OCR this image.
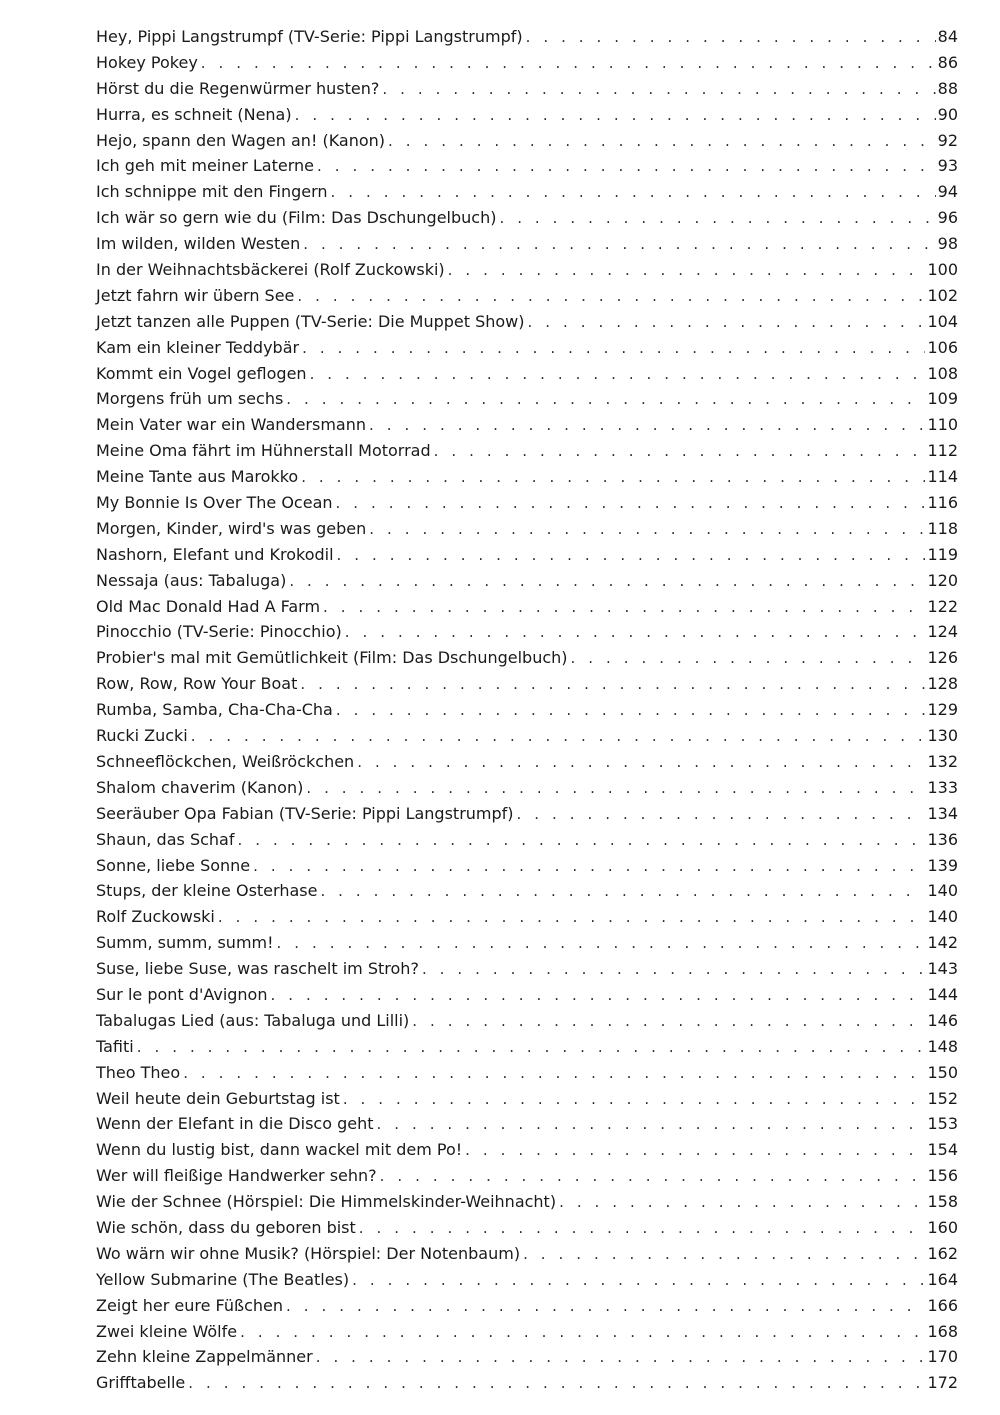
Hey, Pippi Langstrumpf (TV-Serie: Pippi Langstrumpf) . . .	84
Hokey Pokey . . .	86
Hörst du die Regenwürmer husten? . . .	88
Hurra, es schneit (Nena) . . .	90
Hejo, spann den Wagen an! (Kanon) . . .	92
Ich geh mit meiner Laterne . . .	93
Ich schnippe mit den Fingern . . .	94
Ich wär so gern wie du (Film: Das Dschungelbuch) . . .	96
Im wilden, wilden Westen . . .	98
In der Weihnachtsbäckerei (Rolf Zuckowski) . . .	100
Jetzt fahrn wir übern See . . .	102
Jetzt tanzen alle Puppen (TV-Serie: Die Muppet Show) . . .	104
Kam ein kleiner Teddybär . . .	106
Kommt ein Vogel geflogen . . .	108
Morgens früh um sechs . . .	109
Mein Vater war ein Wandersmann . . .	110
Meine Oma fährt im Hühnerstall Motorrad . . .	112
Meine Tante aus Marokko . . .	114
My Bonnie Is Over The Ocean . . .	116
Morgen, Kinder, wird's was geben . . .	118
Nashorn, Elefant und Krokodil . . .	119
Nessaja (aus: Tabaluga) . . .	120
Old Mac Donald Had A Farm . . .	122
Pinocchio (TV-Serie: Pinocchio) . . .	124
Probier's mal mit Gemütlichkeit (Film: Das Dschungelbuch) . . .	126
Row, Row, Row Your Boat . . .	128
Rumba, Samba, Cha-Cha-Cha . . .	129
Rucki Zucki . . .	130
Schneeflöckchen, Weißröckchen . . .	132
Shalom chaverim (Kanon) . . .	133
Seeräuber Opa Fabian (TV-Serie: Pippi Langstrumpf) . . .	134
Shaun, das Schaf . . .	136
Sonne, liebe Sonne . . .	139
Stups, der kleine Osterhase . . .	140
Rolf Zuckowski . . .	140
Summ, summ, summ! . . .	142
Suse, liebe Suse, was raschelt im Stroh? . . .	143
Sur le pont d'Avignon . . .	144
Tabalugas Lied (aus: Tabaluga und Lilli) . . .	146
Tafiti . . .	148
Theo Theo . . .	150
Weil heute dein Geburtstag ist . . .	152
Wenn der Elefant in die Disco geht . . .	153
Wenn du lustig bist, dann wackel mit dem Po! . . .	154
Wer will fleißige Handwerker sehn? . . .	156
Wie der Schnee (Hörspiel: Die Himmelskinder-Weihnacht) . . .	158
Wie schön, dass du geboren bist . . .	160
Wo wärn wir ohne Musik? (Hörspiel: Der Notenbaum) . . .	162
Yellow Submarine (The Beatles) . . .	164
Zeigt her eure Füßchen . . .	166
Zwei kleine Wölfe . . .	168
Zehn kleine Zappelmänner . . .	170
Grifftabelle . . .	172
